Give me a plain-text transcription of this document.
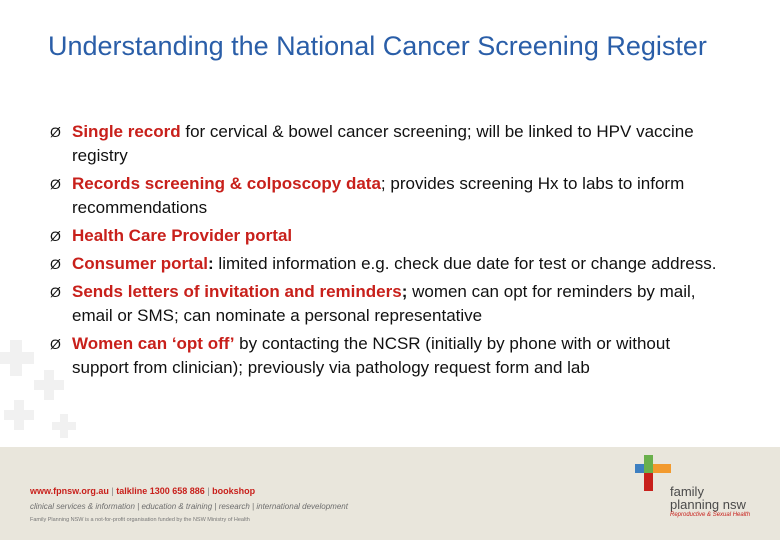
Understanding the National Cancer Screening Register
Ø Single record for cervical & bowel cancer screening; will be linked to HPV vaccine registry
Ø Records screening & colposcopy data; provides screening Hx to labs to inform recommendations
Ø Health Care Provider portal
Ø Consumer portal: limited information e.g. check due date for test or change address.
Ø Sends letters of invitation and reminders; women can opt for reminders by mail, email or SMS; can nominate a personal representative
Ø Women can ‘opt off’ by contacting the NCSR (initially by phone with or without support from clinician); previously via pathology request form and lab
www.fpnsw.org.au | talkline 1300 658 886 | bookshop
clinical services & information | education & training | research | international development
Family Planning NSW is a not-for-profit organisation funded by the NSW Ministry of Health
family
planning nsw
Reproductive & Sexual Health
